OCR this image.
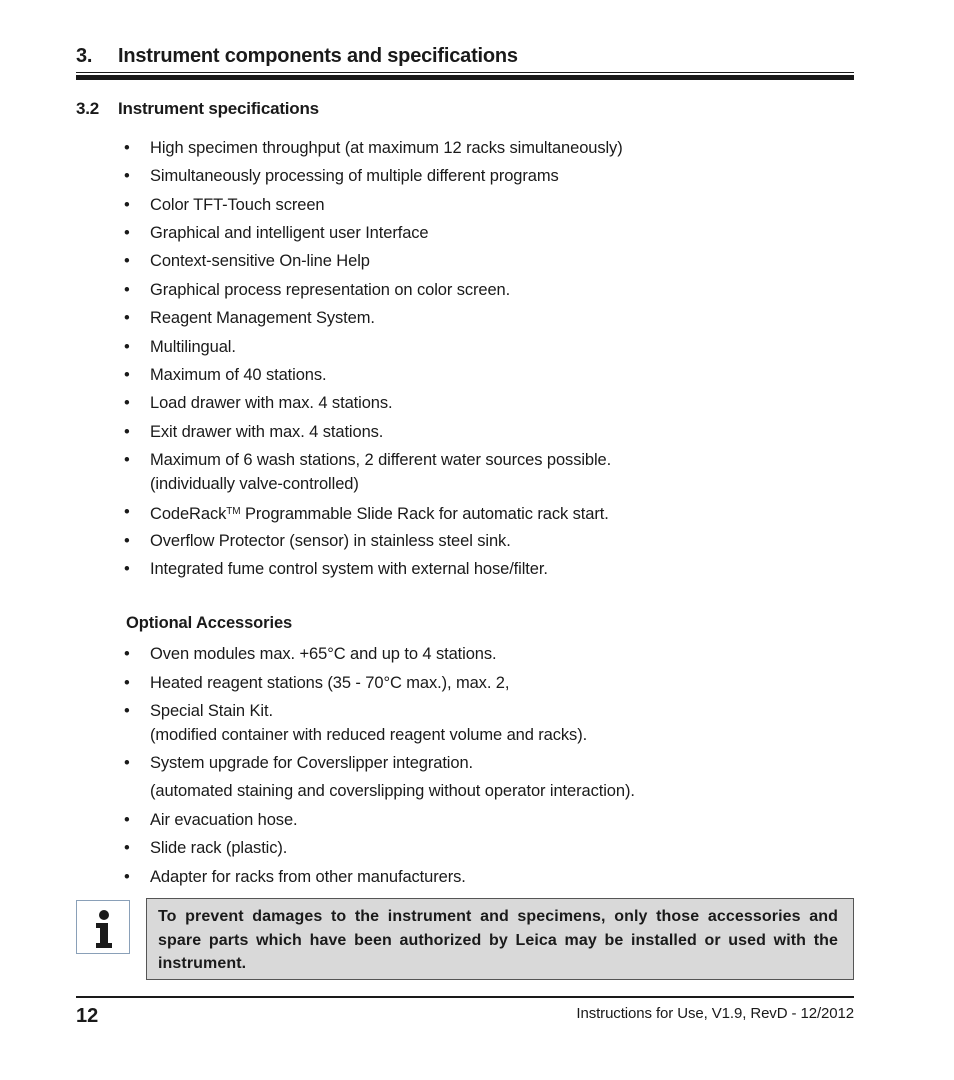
3. Instrument components and specifications
3.2 Instrument specifications
• High specimen throughput (at maximum 12 racks simultaneously)
• Simultaneously processing of multiple different programs
• Color TFT-Touch screen
• Graphical and intelligent user Interface
• Context-sensitive On-line Help
• Graphical process representation on color screen.
• Reagent Management System.
• Multilingual.
• Maximum of 40 stations.
• Load drawer with max. 4 stations.
• Exit drawer with max. 4 stations.
• Maximum of 6 wash stations, 2 different water sources possible.
(individually valve-controlled)
• CodeRack™ Programmable Slide Rack for automatic rack start.
• Overflow Protector (sensor) in stainless steel sink.
• Integrated fume control system with external hose/filter.
Optional Accessories
• Oven modules max. +65°C and up to 4 stations.
• Heated reagent stations (35 - 70°C max.), max. 2,
• Special Stain Kit.
(modified container with reduced reagent volume and racks).
• System upgrade for Coverslipper integration.
(automated staining and coverslipping without operator interaction).
• Air evacuation hose.
• Slide rack (plastic).
• Adapter for racks from other manufacturers.
To prevent damages to the instrument and specimens, only those accessories and spare parts which have been authorized by Leica may be installed or used with the instrument.
12	Instructions for Use, V1.9, RevD - 12/2012
